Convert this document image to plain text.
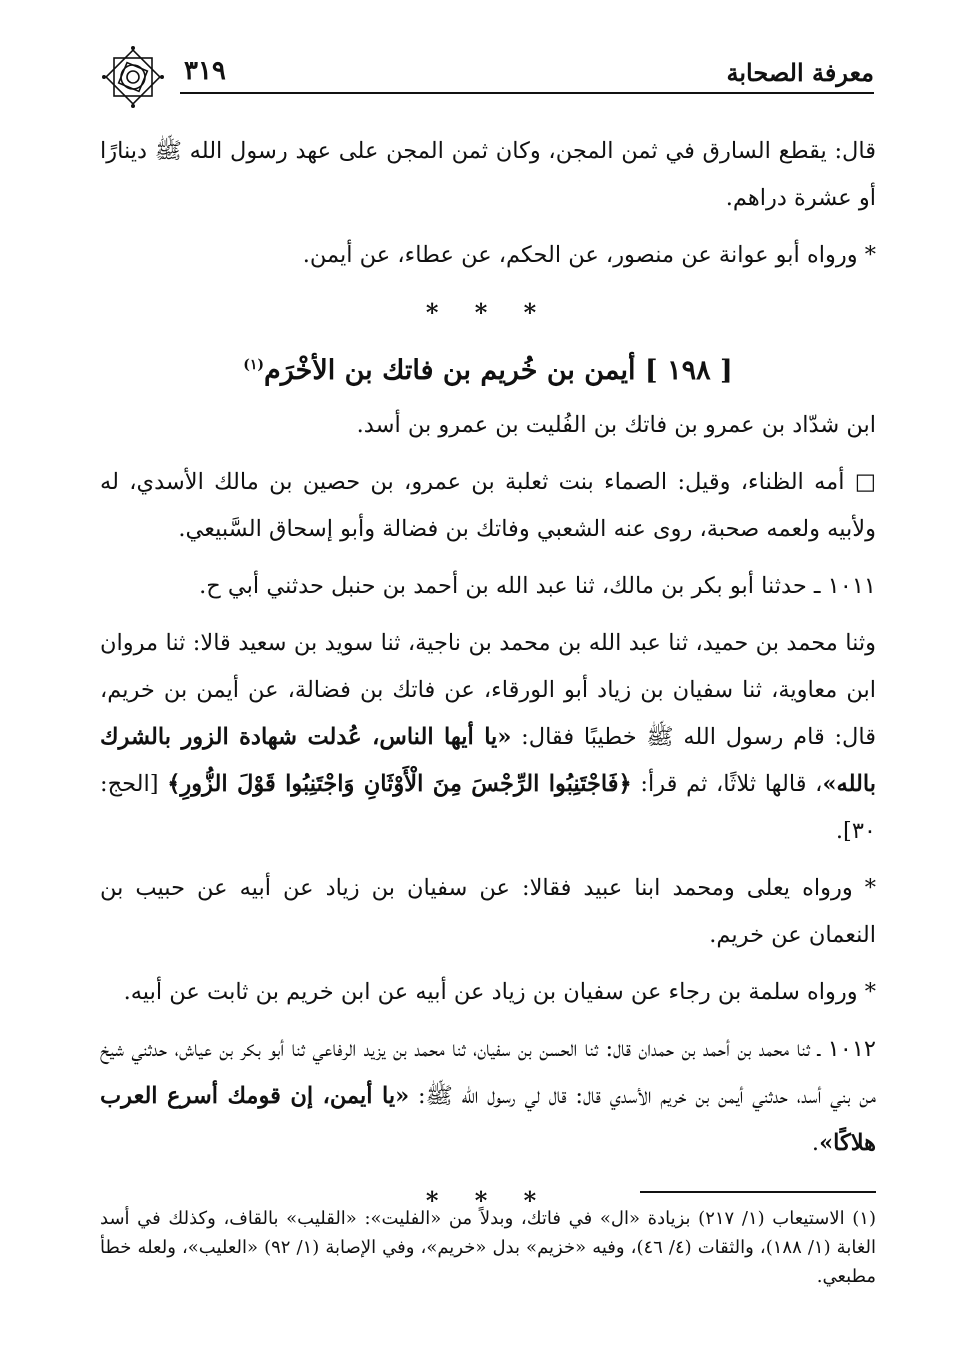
معرفة الصحابة
٣١٩

قال: يقطع السارق في ثمن المجن، وكان ثمن المجن على عهد رسول الله ﷺ دينارًا أو عشرة دراهم.

* ورواه أبو عوانة عن منصور، عن الحكم، عن عطاء، عن أيمن.

* * *
[ ١٩٨ ] أيمن بن خُريم بن فاتك بن الأخْرَم$^{(١)}$

ابن شدّاد بن عمرو بن فاتك بن الفُليت بن عمرو بن أسد.

□ أمه الظناء، وقيل: الصماء بنت ثعلبة بن عمرو، بن حصين بن مالك الأسدي، له ولأبيه ولعمه صحبة، روى عنه الشعبي وفاتك بن فضالة وأبو إسحاق السَّبيعي.

١٠١١ ـ حدثنا أبو بكر بن مالك، ثنا عبد الله بن أحمد بن حنبل حدثني أبي ح.

وثنا محمد بن حميد، ثنا عبد الله بن محمد بن ناجية، ثنا سويد بن سعيد قالا: ثنا مروان ابن معاوية، ثنا سفيان بن زياد أبو الورقاء، عن فاتك بن فضالة، عن أيمن بن خريم، قال: قام رسول الله ﷺ خطيبًا فقال: «يا أيها الناس، عُدلت شهادة الزور بالشرك بالله»، قالها ثلاثًا، ثم قرأ: ﴿فَاجْتَنِبُوا الرِّجْسَ مِنَ الْأَوْثَانِ وَاجْتَنِبُوا قَوْلَ الزُّورِ﴾ [الحج: ٣٠].

* ورواه يعلى ومحمد ابنا عبيد فقالا: عن سفيان بن زياد عن أبيه عن حبيب بن النعمان عن خريم.

* ورواه سلمة بن رجاء عن سفيان بن زياد عن أبيه عن ابن خريم بن ثابت عن أبيه.

١٠١٢ ـ ثنا محمد بن أحمد بن حمدان قال: ثنا الحسن بن سفيان، ثنا محمد بن يزيد الرفاعي ثنا أبو بكر بن عياش، حدثني شيخ من بني أسد، حدثني أيمن بن خريم الأسدي قال: قال لي رسول الله ﷺ: «يا أيمن، إن قومك أسرع العرب هلاكًا».

* * *

(١) الاستيعاب (١/ ٢١٧) بزيادة «ال» في فاتك، وبدلاً من «الفليت»: «القليب» بالقاف، وكذلك في أسد الغابة (١/ ١٨٨)، والثقات (٤/ ٤٦)، وفيه «خزيم» بدل «خريم»، وفي الإصابة (١/ ٩٢) «العليب»، ولعله خطأ مطبعي.
